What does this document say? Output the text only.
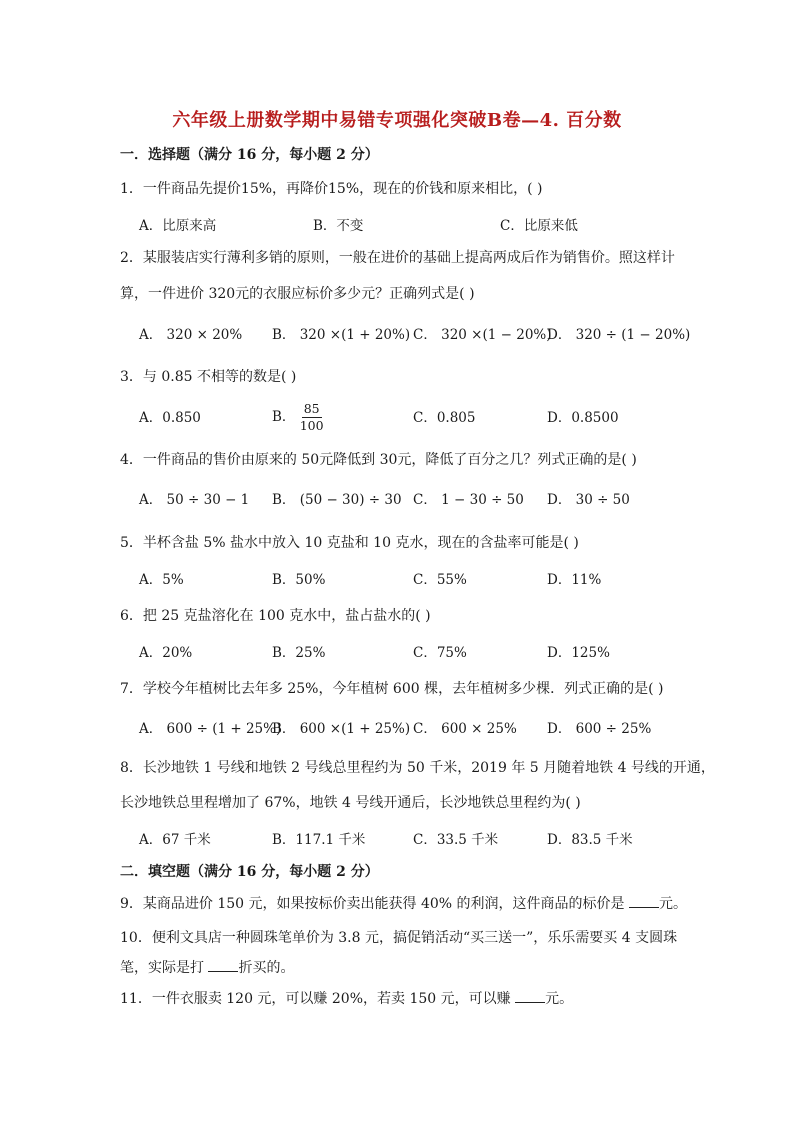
六年级上册数学期中易错专项强化突破B卷—4. 百分数
一．选择题（满分 16 分，每小题 2 分）
1．一件商品先提价15%，再降价15%，现在的价钱和原来相比，( )
A．比原来高	B．不变	C．比原来低
2．某服装店实行薄利多销的原则，一般在进价的基础上提高两成后作为销售价。照这样计
算，一件进价 320元的衣服应标价多少元？正确列式是( )
A． 320 × 20% B． 320 ×(1 + 20%) C． 320 ×(1 − 20%)
D． 320 ÷ (1 − 20%)
3．与 0.85 不相等的数是( )
A．0.850	B． $\frac{85}{100}$	C．0.805	D．0.8500
4．一件商品的售价由原来的 50元降低到 30元，降低了百分之几？列式正确的是( )
A． 50 ÷ 30 − 1 B． (50 − 30) ÷ 30 C． 1 − 30 ÷ 50 D． 30 ÷ 50
5．半杯含盐 5% 盐水中放入 10 克盐和 10 克水，现在的含盐率可能是( )
A．5%	B．50%	C．55%	D．11%
6．把 25 克盐溶化在 100 克水中，盐占盐水的( )
A．20%	B．25%	C．75%	D．125%
7．学校今年植树比去年多 25%，今年植树 600 棵，去年植树多少棵．列式正确的是( )
A． 600 ÷ (1 + 25%)
B． 600 ×(1 + 25%) C． 600 × 25% D． 600 ÷ 25%
8．长沙地铁 1 号线和地铁 2 号线总里程约为 50 千米，2019 年 5 月随着地铁 4 号线的开通，
长沙地铁总里程增加了 67%，地铁 4 号线开通后，长沙地铁总里程约为( )
A．67 千米	B．117.1 千米	C．33.5 千米	D．83.5 千米
二．填空题（满分 16 分，每小题 2 分）
9．某商品进价 150 元，如果按标价卖出能获得 40% 的利润，这件商品的标价是 元。
10．便利文具店一种圆珠笔单价为 3.8 元，搞促销活动“买三送一”，乐乐需要买 4 支圆珠
笔，实际是打 折买的。
11．一件衣服卖 120 元，可以赚 20%，若卖 150 元，可以赚 元。
